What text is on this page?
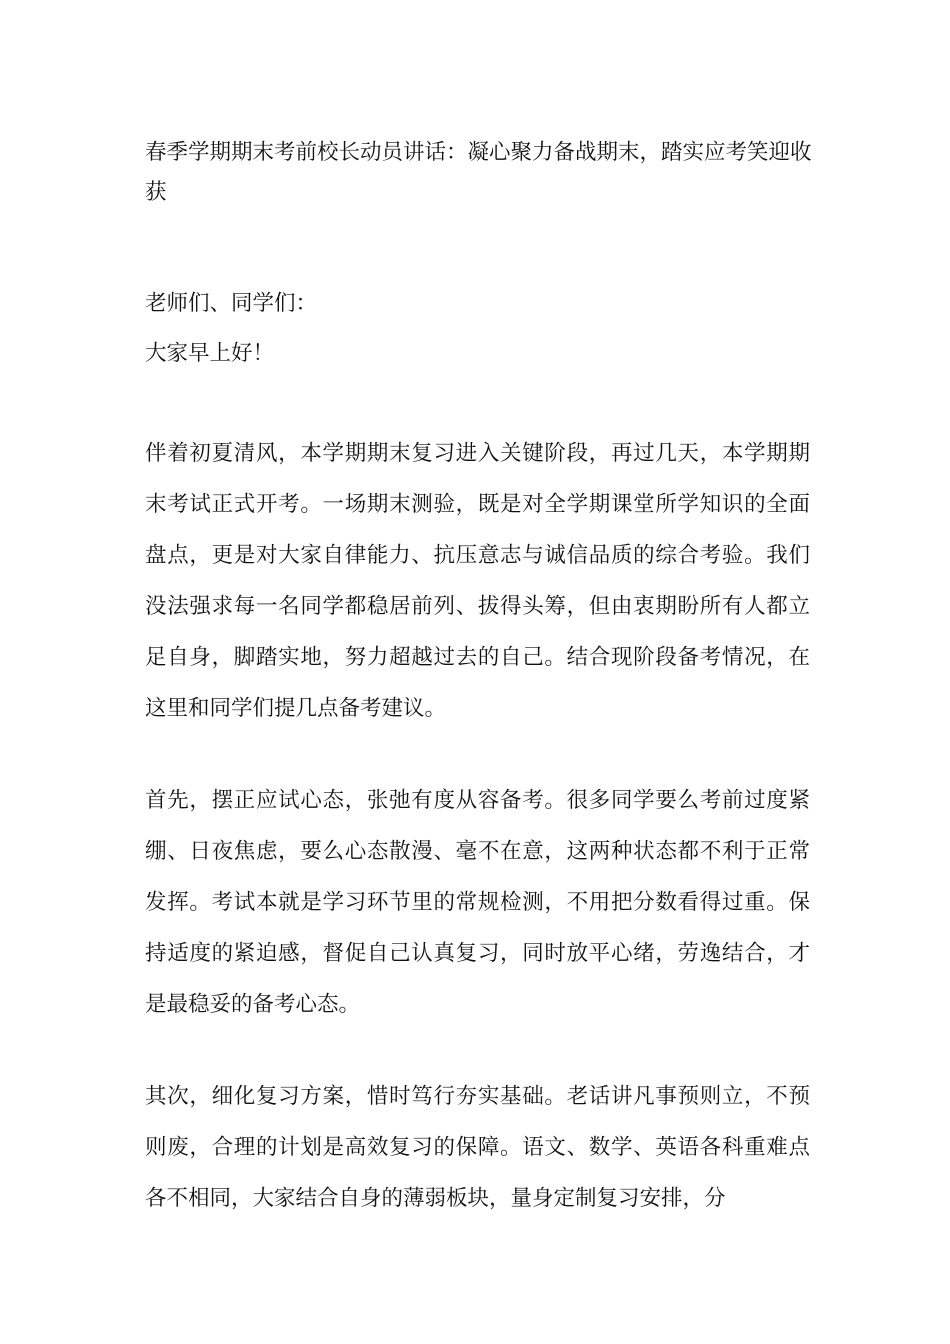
春季学期期末考前校长动员讲话：凝心聚力备战期末，踏实应考笑迎收获

老师们、同学们：

大家早上好！

伴着初夏清风，本学期期末复习进入关键阶段，再过几天，本学期期末考试正式开考。一场期末测验，既是对全学期课堂所学知识的全面盘点，更是对大家自律能力、抗压意志与诚信品质的综合考验。我们没法强求每一名同学都稳居前列、拔得头筹，但由衷期盼所有人都立足自身，脚踏实地，努力超越过去的自己。结合现阶段备考情况，在这里和同学们提几点备考建议。

首先，摆正应试心态，张弛有度从容备考。很多同学要么考前过度紧绷、日夜焦虑，要么心态散漫、毫不在意，这两种状态都不利于正常发挥。考试本就是学习环节里的常规检测，不用把分数看得过重。保持适度的紧迫感，督促自己认真复习，同时放平心绪，劳逸结合，才是最稳妥的备考心态。

其次，细化复习方案，惜时笃行夯实基础。老话讲凡事预则立，不预则废，合理的计划是高效复习的保障。语文、数学、英语各科重难点各不相同，大家结合自身的薄弱板块，量身定制复习安排，分
